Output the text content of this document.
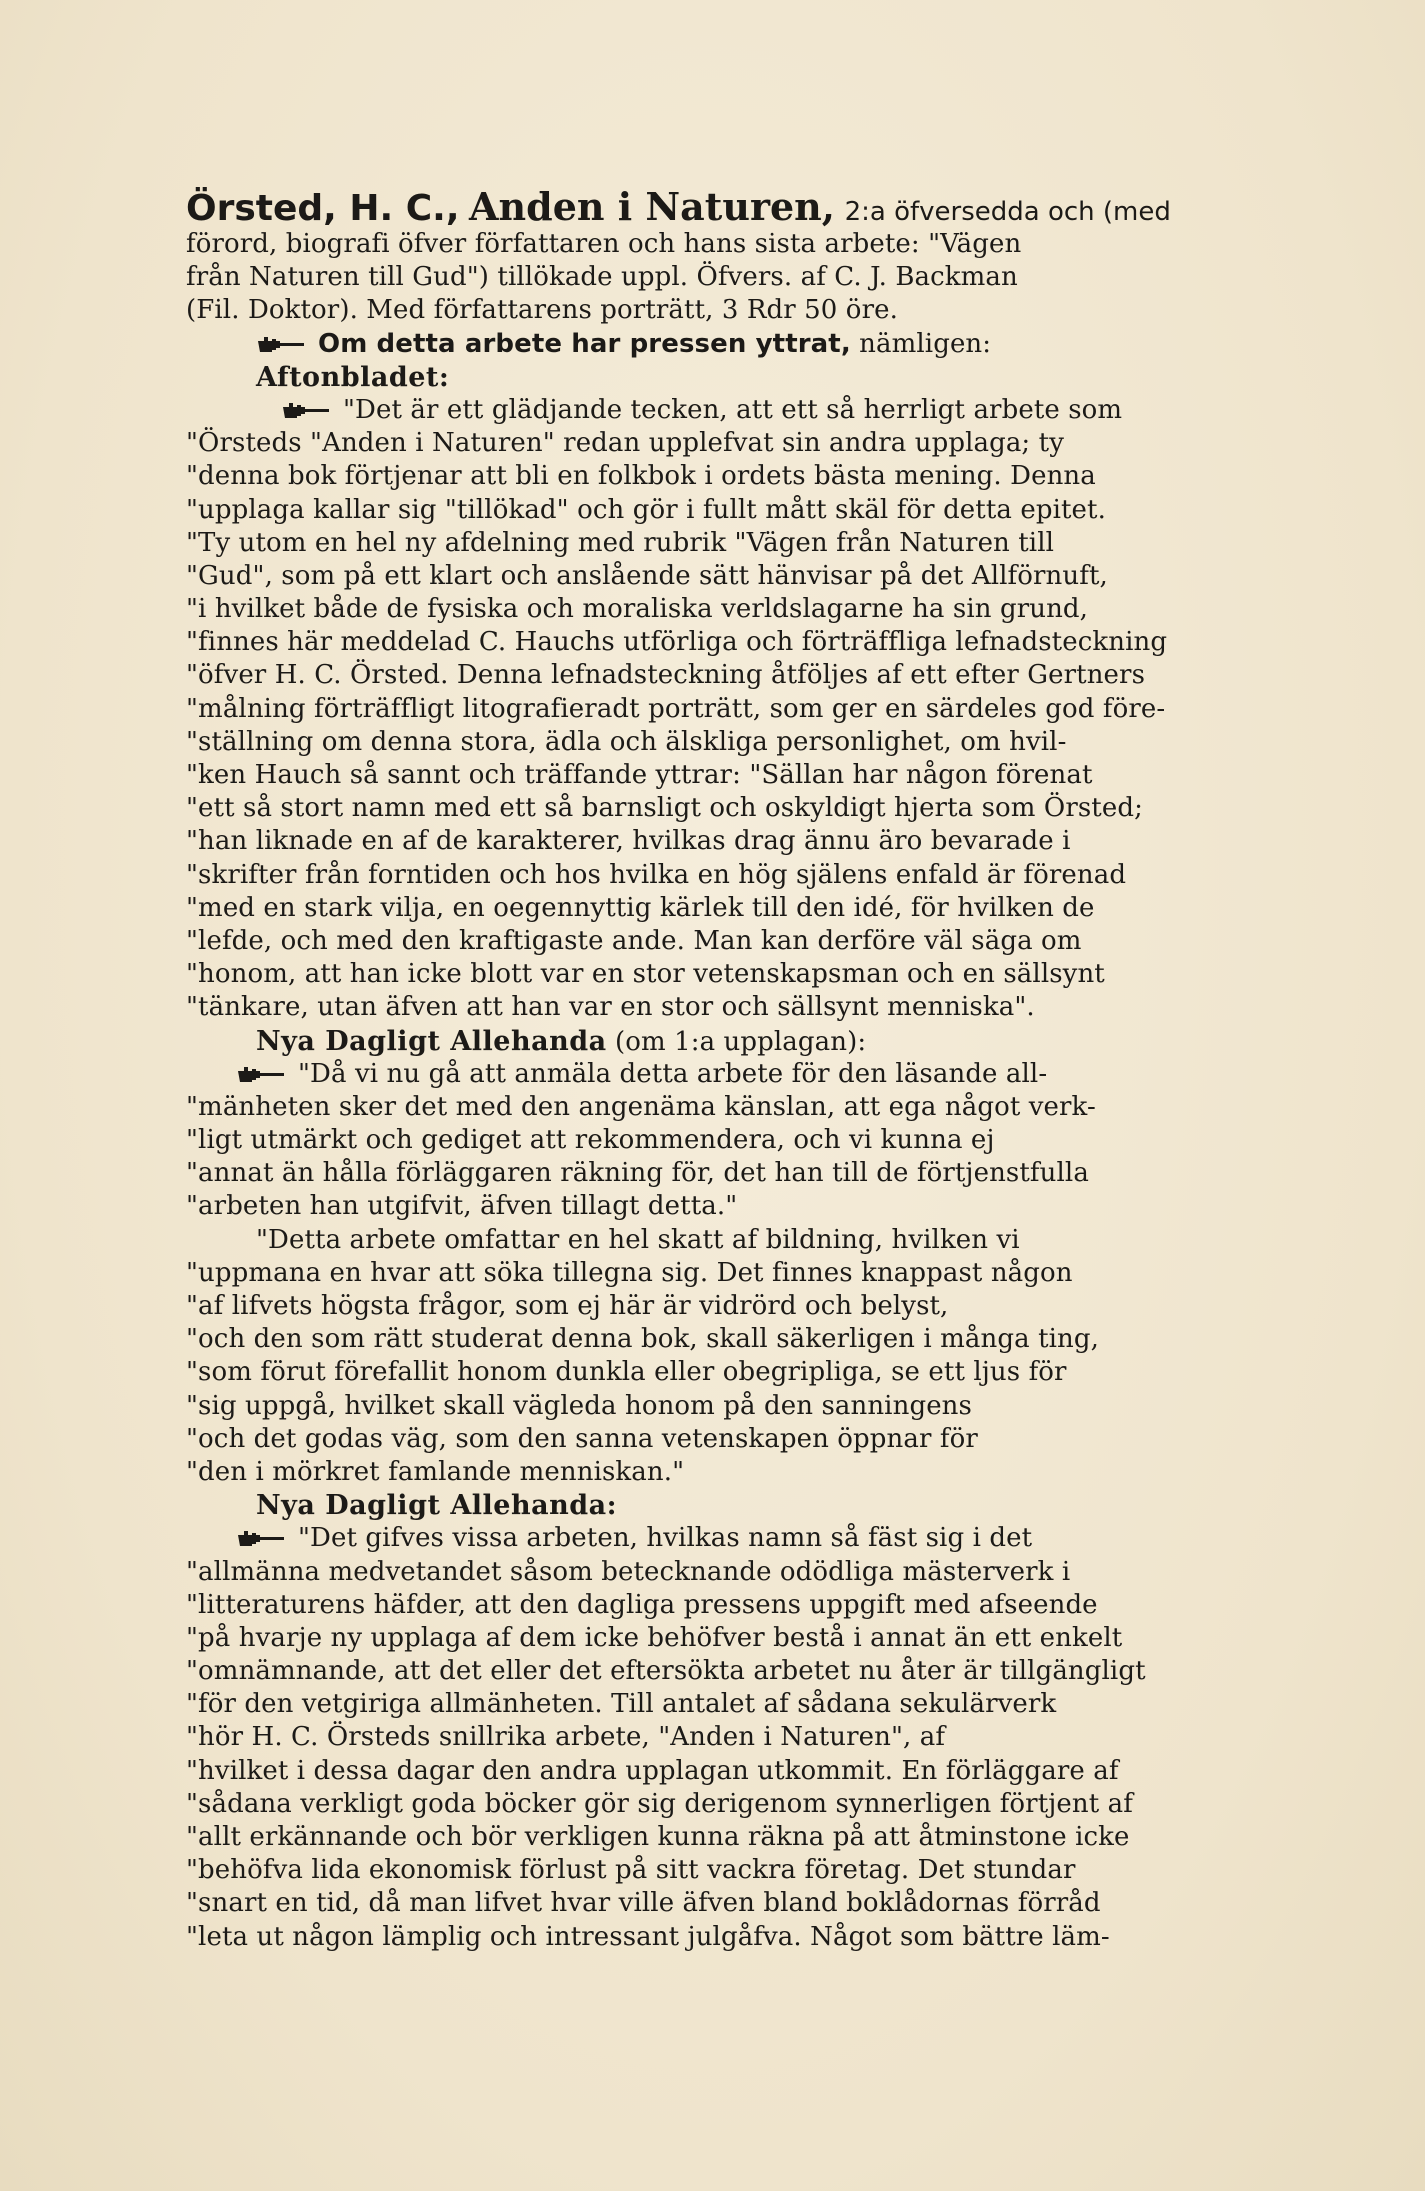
Örsted, H. C., Anden i Naturen, 2:a öfversedda och (med
förord, biografi öfver författaren och hans sista arbete: "Vägen
från Naturen till Gud") tillökade uppl. Öfvers. af C. J. Backman
(Fil. Doktor). Med författarens porträtt, 3 Rdr 50 öre.
Om detta arbete har pressen yttrat, nämligen:
Aftonbladet:
"Det är ett glädjande tecken, att ett så herrligt arbete som
"Örsteds "Anden i Naturen" redan upplefvat sin andra upplaga; ty
"denna bok förtjenar att bli en folkbok i ordets bästa mening. Denna
"upplaga kallar sig "tillökad" och gör i fullt mått skäl för detta epitet.
"Ty utom en hel ny afdelning med rubrik "Vägen från Naturen till
"Gud", som på ett klart och anslående sätt hänvisar på det Allförnuft,
"i hvilket både de fysiska och moraliska verldslagarne ha sin grund,
"finnes här meddelad C. Hauchs utförliga och förträffliga lefnadsteckning
"öfver H. C. Örsted. Denna lefnadsteckning åtföljes af ett efter Gertners
"målning förträffligt litografieradt porträtt, som ger en särdeles god före-
"ställning om denna stora, ädla och älskliga personlighet, om hvil-
"ken Hauch så sannt och träffande yttrar: "Sällan har någon förenat
"ett så stort namn med ett så barnsligt och oskyldigt hjerta som Örsted;
"han liknade en af de karakterer, hvilkas drag ännu äro bevarade i
"skrifter från forntiden och hos hvilka en hög själens enfald är förenad
"med en stark vilja, en oegennyttig kärlek till den idé, för hvilken de
"lefde, och med den kraftigaste ande. Man kan derföre väl säga om
"honom, att han icke blott var en stor vetenskapsman och en sällsynt
"tänkare, utan äfven att han var en stor och sällsynt menniska".
Nya Dagligt Allehanda (om 1:a upplagan):
"Då vi nu gå att anmäla detta arbete för den läsande all-
"mänheten sker det med den angenäma känslan, att ega något verk-
"ligt utmärkt och gediget att rekommendera, och vi kunna ej
"annat än hålla förläggaren räkning för, det han till de förtjenstfulla
"arbeten han utgifvit, äfven tillagt detta."
"Detta arbete omfattar en hel skatt af bildning, hvilken vi
"uppmana en hvar att söka tillegna sig. Det finnes knappast någon
"af lifvets högsta frågor, som ej här är vidrörd och belyst,
"och den som rätt studerat denna bok, skall säkerligen i många ting,
"som förut förefallit honom dunkla eller obegripliga, se ett ljus för
"sig uppgå, hvilket skall vägleda honom på den sanningens
"och det godas väg, som den sanna vetenskapen öppnar för
"den i mörkret famlande menniskan."
Nya Dagligt Allehanda:
"Det gifves vissa arbeten, hvilkas namn så fäst sig i det
"allmänna medvetandet såsom betecknande odödliga mästerverk i
"litteraturens häfder, att den dagliga pressens uppgift med afseende
"på hvarje ny upplaga af dem icke behöfver bestå i annat än ett enkelt
"omnämnande, att det eller det eftersökta arbetet nu åter är tillgängligt
"för den vetgiriga allmänheten. Till antalet af sådana sekulärverk
"hör H. C. Örsteds snillrika arbete, "Anden i Naturen", af
"hvilket i dessa dagar den andra upplagan utkommit. En förläggare af
"sådana verkligt goda böcker gör sig derigenom synnerligen förtjent af
"allt erkännande och bör verkligen kunna räkna på att åtminstone icke
"behöfva lida ekonomisk förlust på sitt vackra företag. Det stundar
"snart en tid, då man lifvet hvar ville äfven bland boklådornas förråd
"leta ut någon lämplig och intressant julgåfva. Något som bättre läm-
